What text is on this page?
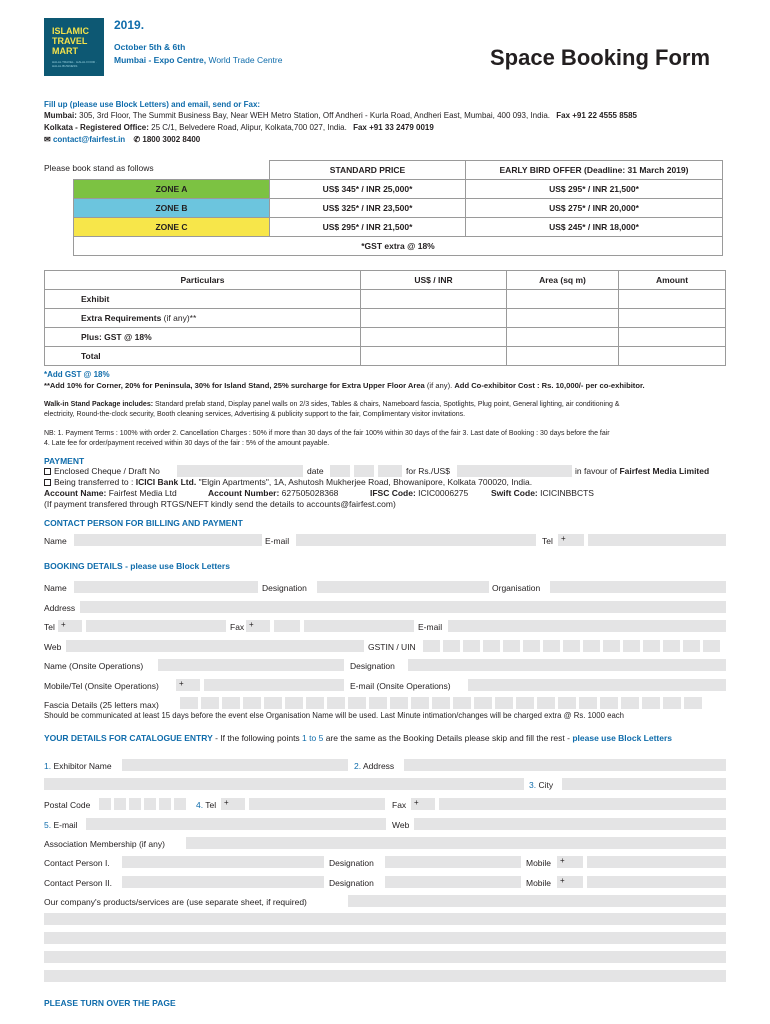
ISLAMIC
TRAVEL
MART
HALAL TRAVEL · HALAL FOOD · HALAL BUSINESS
2019.
October 5th & 6th
Mumbai - Expo Centre, World Trade Centre	Space Booking Form
Fill up (please use Block Letters) and email, send or Fax:
Mumbai: 305, 3rd Floor, The Summit Business Bay, Near WEH Metro Station, Off Andheri - Kurla Road, Andheri East, Mumbai, 400 093, India. Fax +91 22 4555 8585
Kolkata - Registered Office: 25 C/1, Belvedere Road, Alipur, Kolkata,700 027, India. Fax +91 33 2479 0019
✉ contact@fairfest.in ✆ 1800 3002 8400
Please book stand as follows
		STANDARD PRICE	EARLY BIRD OFFER (Deadline: 31 March 2019)
ZONE A	US$ 345* / INR 25,000*	US$ 295* / INR 21,500*
ZONE B	US$ 325* / INR 23,500*	US$ 275* / INR 20,000*
ZONE C	US$ 295* / INR 21,500*	US$ 245* / INR 18,000*
*GST extra @ 18%		
Particulars	US$ / INR	Area (sq m)	Amount
Exhibit			
Extra Requirements (if any)**			
Plus: GST @ 18%			
Total			
*Add GST @ 18%
**Add 10% for Corner, 20% for Peninsula, 30% for Island Stand, 25% surcharge for Extra Upper Floor Area (if any). Add Co-exhibitor Cost : Rs. 10,000/- per co-exhibitor.
Walk-in Stand Package includes: Standard prefab stand, Display panel walls on 2/3 sides, Tables & chairs, Nameboard fascia, Spotlights, Plug point, General lighting, air conditioning &
electricity, Round-the-clock security, Booth cleaning services, Advertising & publicity support to the fair, Complimentary visitor invitations.
NB: 1. Payment Terms : 100% with order 2. Cancellation Charges : 50% if more than 30 days of the fair 100% within 30 days of the fair 3. Last date of Booking : 30 days before the fair
4. Late fee for order/payment received within 30 days of the fair : 5% of the amount payable.
PAYMENT
Enclosed Cheque / Draft No	date	for Rs./US$	in favour of Fairfest Media Limited
Being transferred to : ICICI Bank Ltd. "Elgin Apartments", 1A, Ashutosh Mukherjee Road, Bhowanipore, Kolkata 700020, India.
Account Name: Fairfest Media Ltd	Account Number: 627505028368	IFSC Code: ICIC0006275	Swift Code: ICICINBBCTS
(If payment transfered through RTGS/NEFT kindly send the details to accounts@fairfest.com)
CONTACT PERSON FOR BILLING AND PAYMENT
Name	E-mail	Tel	+
BOOKING DETAILS - please use Block Letters
Name	Designation	Organisation
Address
Tel +	Fax +	E-mail
Web	GSTIN / UIN
Name (Onsite Operations)	Designation
Mobile/Tel (Onsite Operations)	+	E-mail (Onsite Operations)
Fascia Details (25 letters max)
Should be communicated at least 15 days before the event else Organisation Name will be used. Last Minute intimation/changes will be charged extra @ Rs. 1000 each
YOUR DETAILS FOR CATALOGUE ENTRY - If the following points 1 to 5 are the same as the Booking Details please skip and fill the rest - please use Block Letters
1. Exhibitor Name	2. Address
3. City
Postal Code	4. Tel +	Fax +
5. E-mail	Web
Association Membership (if any)
Contact Person I.	Designation	Mobile	+
Contact Person II.	Designation	Mobile	+
Our company's products/services are (use separate sheet, if required)
PLEASE TURN OVER THE PAGE
